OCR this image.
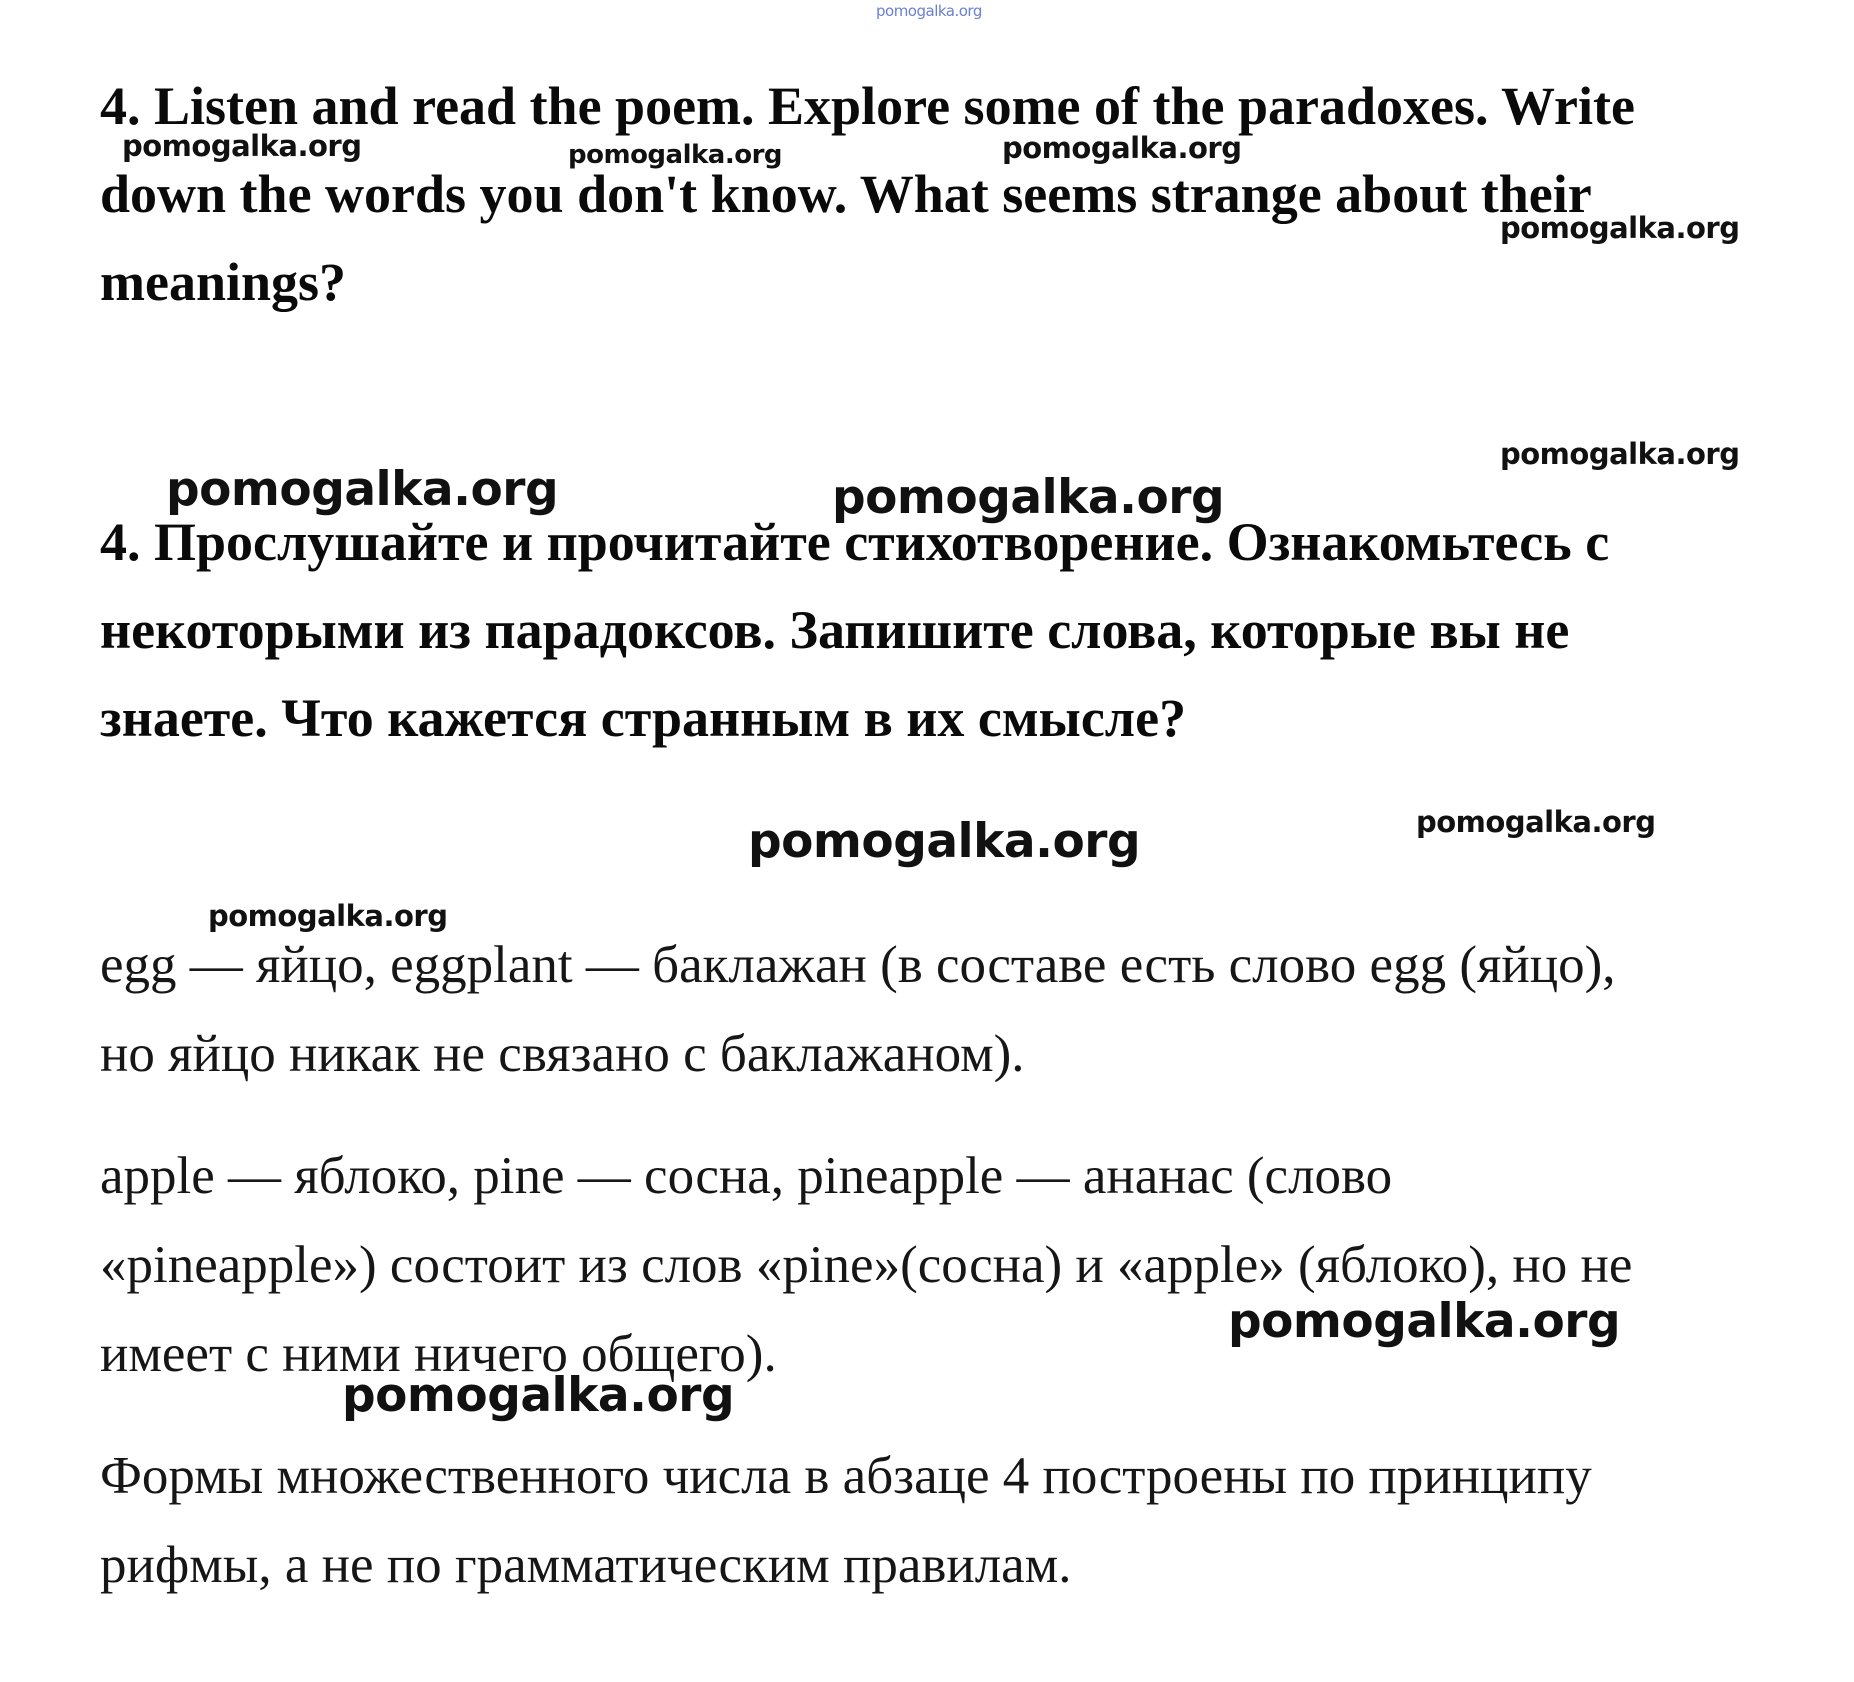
pomogalka.org
4. Listen and read the poem. Explore some of the paradoxes. Write
down the words you don't know. What seems strange about their
meanings?
4. Прослушайте и прочитайте стихотворение. Ознакомьтесь с
некоторыми из парадоксов. Запишите слова, которые вы не
знаете. Что кажется странным в их смысле?
egg — яйцо, eggplant — баклажан (в составе есть слово egg (яйцо),
но яйцо никак не связано с баклажаном).
apple — яблоко, pine — сосна, pineapple — ананас (слово
«pineapple») состоит из слов «pine»(сосна) и «apple» (яблоко), но не
имеет с ними ничего общего).
Формы множественного числа в абзаце 4 построены по принципу
рифмы, а не по грамматическим правилам.
pomogalka.org	pomogalka.org	pomogalka.org
pomogalka.org
pomogalka.org
pomogalka.org	pomogalka.org
pomogalka.org	pomogalka.org
pomogalka.org
pomogalka.org
pomogalka.org
